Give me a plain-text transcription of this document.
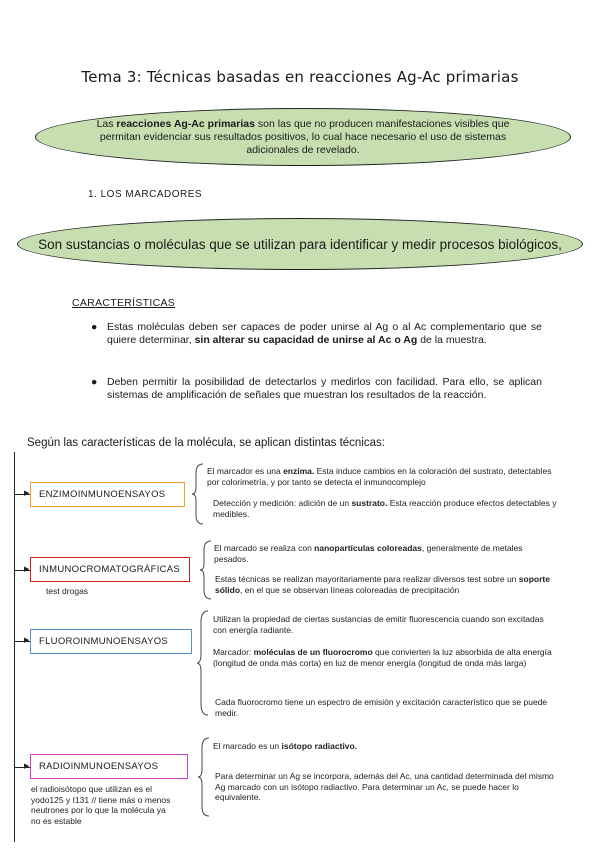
Tema 3: Técnicas basadas en reacciones Ag-Ac primarias
Las reacciones Ag-Ac primarias son las que no producen manifestaciones visibles que permitan evidenciar sus resultados positivos, lo cual hace necesario el uso de sistemas adicionales de revelado.
1. LOS MARCADORES
Son sustancias o moléculas que se utilizan para identificar y medir procesos biológicos,
CARACTERÍSTICAS
● Estas moléculas deben ser capaces de poder unirse al Ag o al Ac complementario que se quiere determinar, sin alterar su capacidad de unirse al Ac o Ag de la muestra.
● Deben permitir la posibilidad de detectarlos y medirlos con facilidad. Para ello, se aplican sistemas de amplificación de señales que muestran los resultados de la reacción.
Según las características de la molécula, se aplican distintas técnicas:
▶ ENZIMOINMUNOENSAYOS
El marcador es una enzima. Esta induce cambios en la coloración del sustrato, detectables por colorimetría, y por tanto se detecta el inmunocomplejo
Detección y medición: adición de un sustrato. Esta reacción produce efectos detectables y medibles.
▶ INMUNOCROMATOGRÁFICAS
test drogas
El marcado se realiza con nanopartículas coloreadas, generalmente de metales pesados.
Estas técnicas se realizan mayoritariamente para realizar diversos test sobre un soporte sólido, en el que se observan líneas coloreadas de precipitación
▶ FLUOROINMUNOENSAYOS
Utilizan la propiedad de ciertas sustancias de emitir fluorescencia cuando son excitadas con energía radiante.
Marcador: moléculas de un fluorocromo que convierten la luz absorbida de alta energía (longitud de onda más corta) en luz de menor energía (longitud de onda más larga)
Cada fluorocromo tiene un espectro de emisión y excitación característico que se puede medir.
▶ RADIOINMUNOENSAYOS
el radioisótopo que utilizan es el yodo125 y I131 // tiene más o menos neutrones por lo que la molécula ya no es estable
El marcado es un isótopo radiactivo.
Para determinar un Ag se incorpora, además del Ac, una cantidad determinada del mismo Ag marcado con un isótopo radiactivo. Para determinar un Ac, se puede hacer lo equivalente.
